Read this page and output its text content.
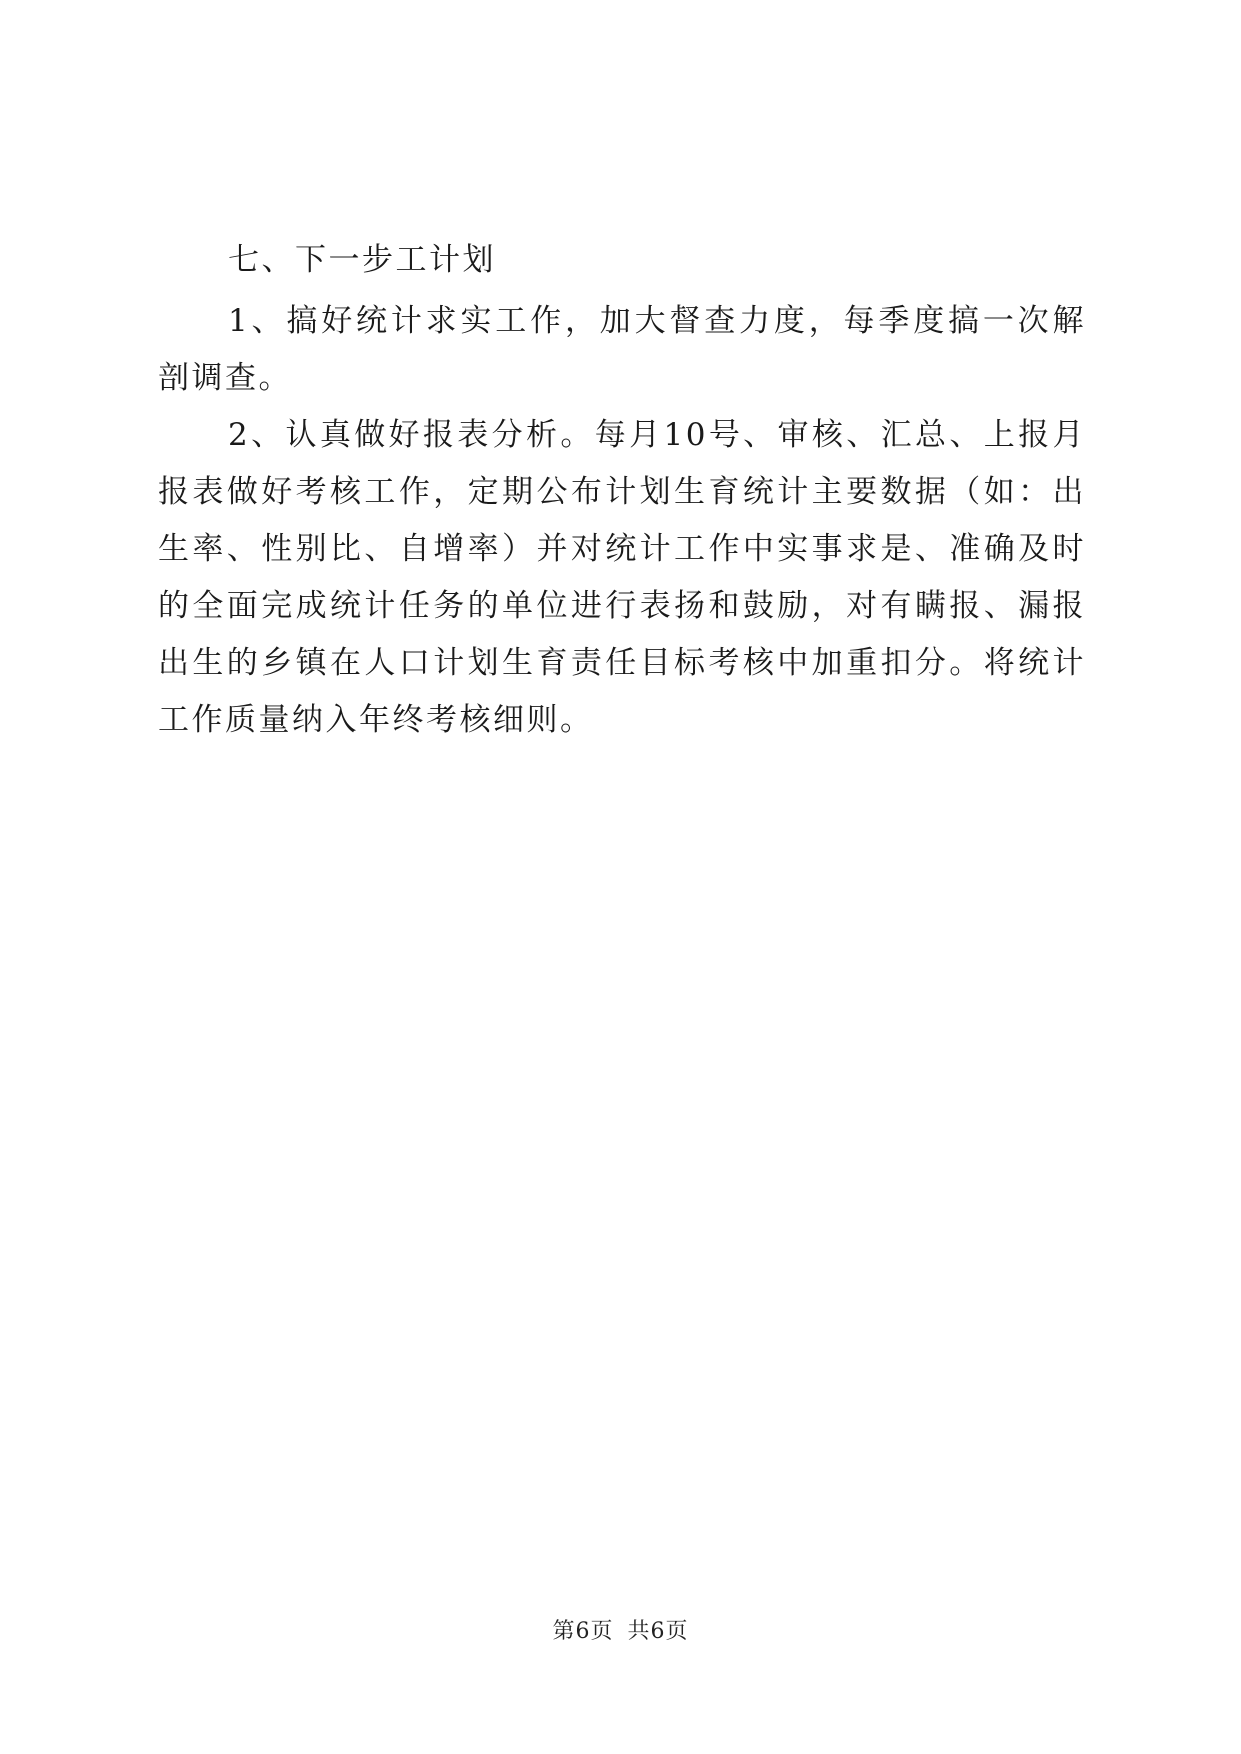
七、下一步工计划

1、搞好统计求实工作，加大督查力度，每季度搞一次解剖调查。

2、认真做好报表分析。每月10号、审核、汇总、上报月报表做好考核工作，定期公布计划生育统计主要数据（如：出生率、性别比、自增率）并对统计工作中实事求是、准确及时的全面完成统计任务的单位进行表扬和鼓励，对有瞒报、漏报出生的乡镇在人口计划生育责任目标考核中加重扣分。将统计工作质量纳入年终考核细则。

第6页 共6页
